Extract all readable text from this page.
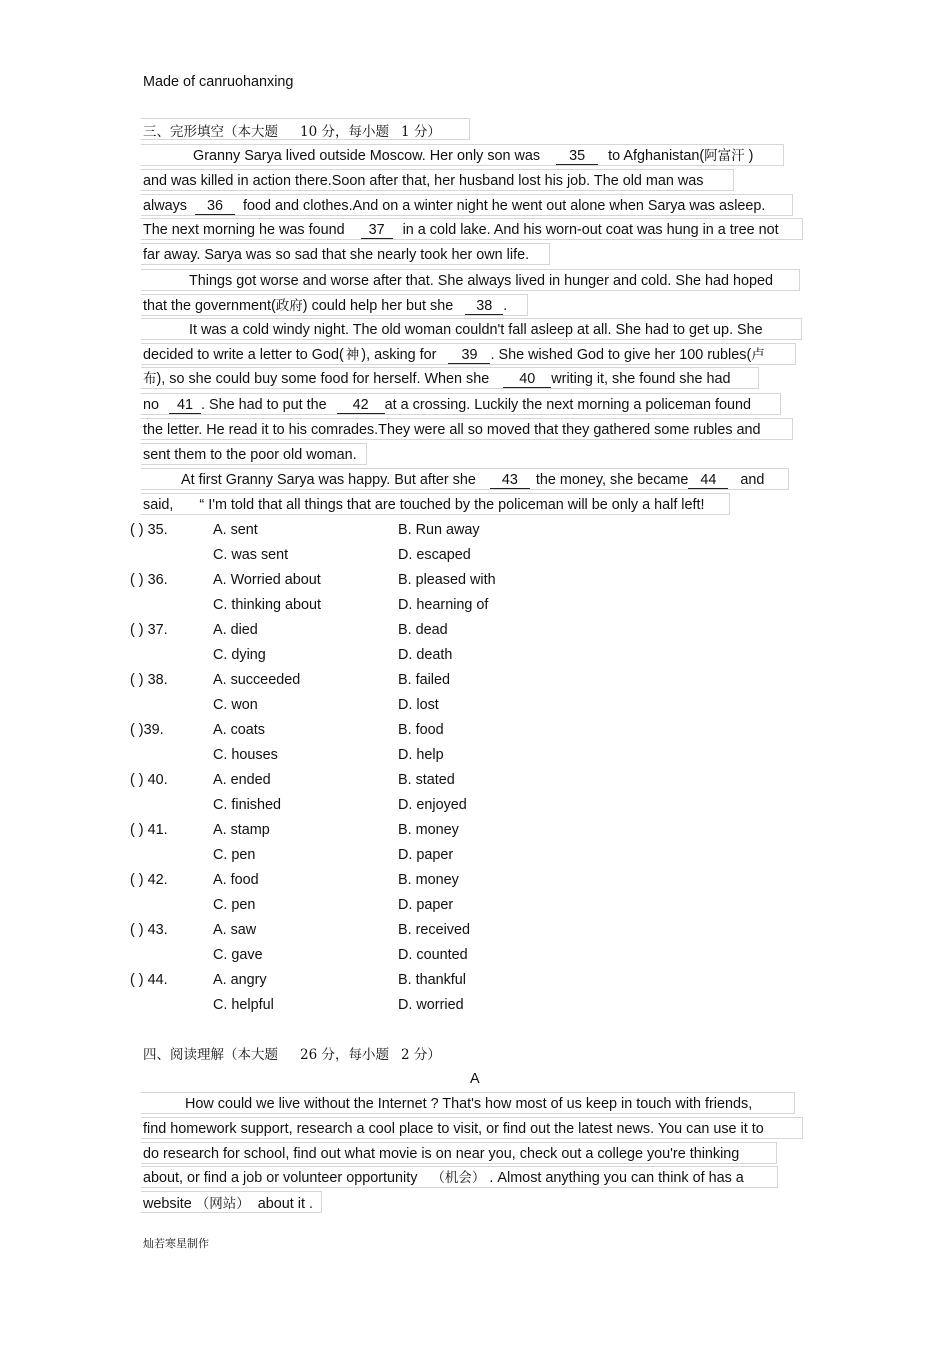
Made of canruohanxing
三、完形填空（本大题 10 分，每小题 1 分）
Granny Sarya lived outside Moscow. Her only son was 35 to Afghanistan(阿富汗 )
and was killed in action there.Soon after that, her husband lost his job. The old man was
always 36 food and clothes.And on a winter night he went out alone when Sarya was asleep.
The next morning he was found 37 in a cold lake. And his worn-out coat was hung in a tree not
far away. Sarya was so sad that she nearly took her own life.
Things got worse and worse after that. She always lived in hunger and cold. She had hoped
that the government(政府) could help her but she 38 .
It was a cold windy night. The old woman couldn't fall asleep at all. She had to get up. She
decided to write a letter to God( 神 ), asking for 39 . She wished God to give her 100 rubles(卢
布), so she could buy some food for herself. When she 40 writing it, she found she had
no 41 . She had to put the 42 at a crossing. Luckily the next morning a policeman found
the letter. He read it to his comrades.They were all so moved that they gathered some rubles and
sent them to the poor old woman.
At first Granny Sarya was happy. But after she 43 the money, she became 44 and
said, “ I'm told that all things that are touched by the policeman will be only a half left!
( ) 35.	A. sent	B. Run away
C. was sent	D. escaped
( ) 36.	A. Worried about	B. pleased with
C. thinking about	D. hearning of
( ) 37.	A. died	B. dead
C. dying	D. death
( ) 38.	A. succeeded	B. failed
C. won	D. lost
( )39.	A. coats	B. food
C. houses	D. help
( ) 40.	A. ended	B. stated
C. finished	D. enjoyed
( ) 41.	A. stamp	B. money
C. pen	D. paper
( ) 42.	A. food	B. money
C. pen	D. paper
( ) 43.	A. saw	B. received
C. gave	D. counted
( ) 44.	A. angry	B. thankful
C. helpful	D. worried
四、阅读理解（本大题 26 分，每小题 2 分）
A
How could we live without the Internet ? That's how most of us keep in touch with friends,
find homework support, research a cool place to visit, or find out the latest news. You can use it to
do research for school, find out what movie is on near you, check out a college you're thinking
about, or find a job or volunteer opportunity （机会） . Almost anything you can think of has a
website （网站） about it .
灿若寒星制作
